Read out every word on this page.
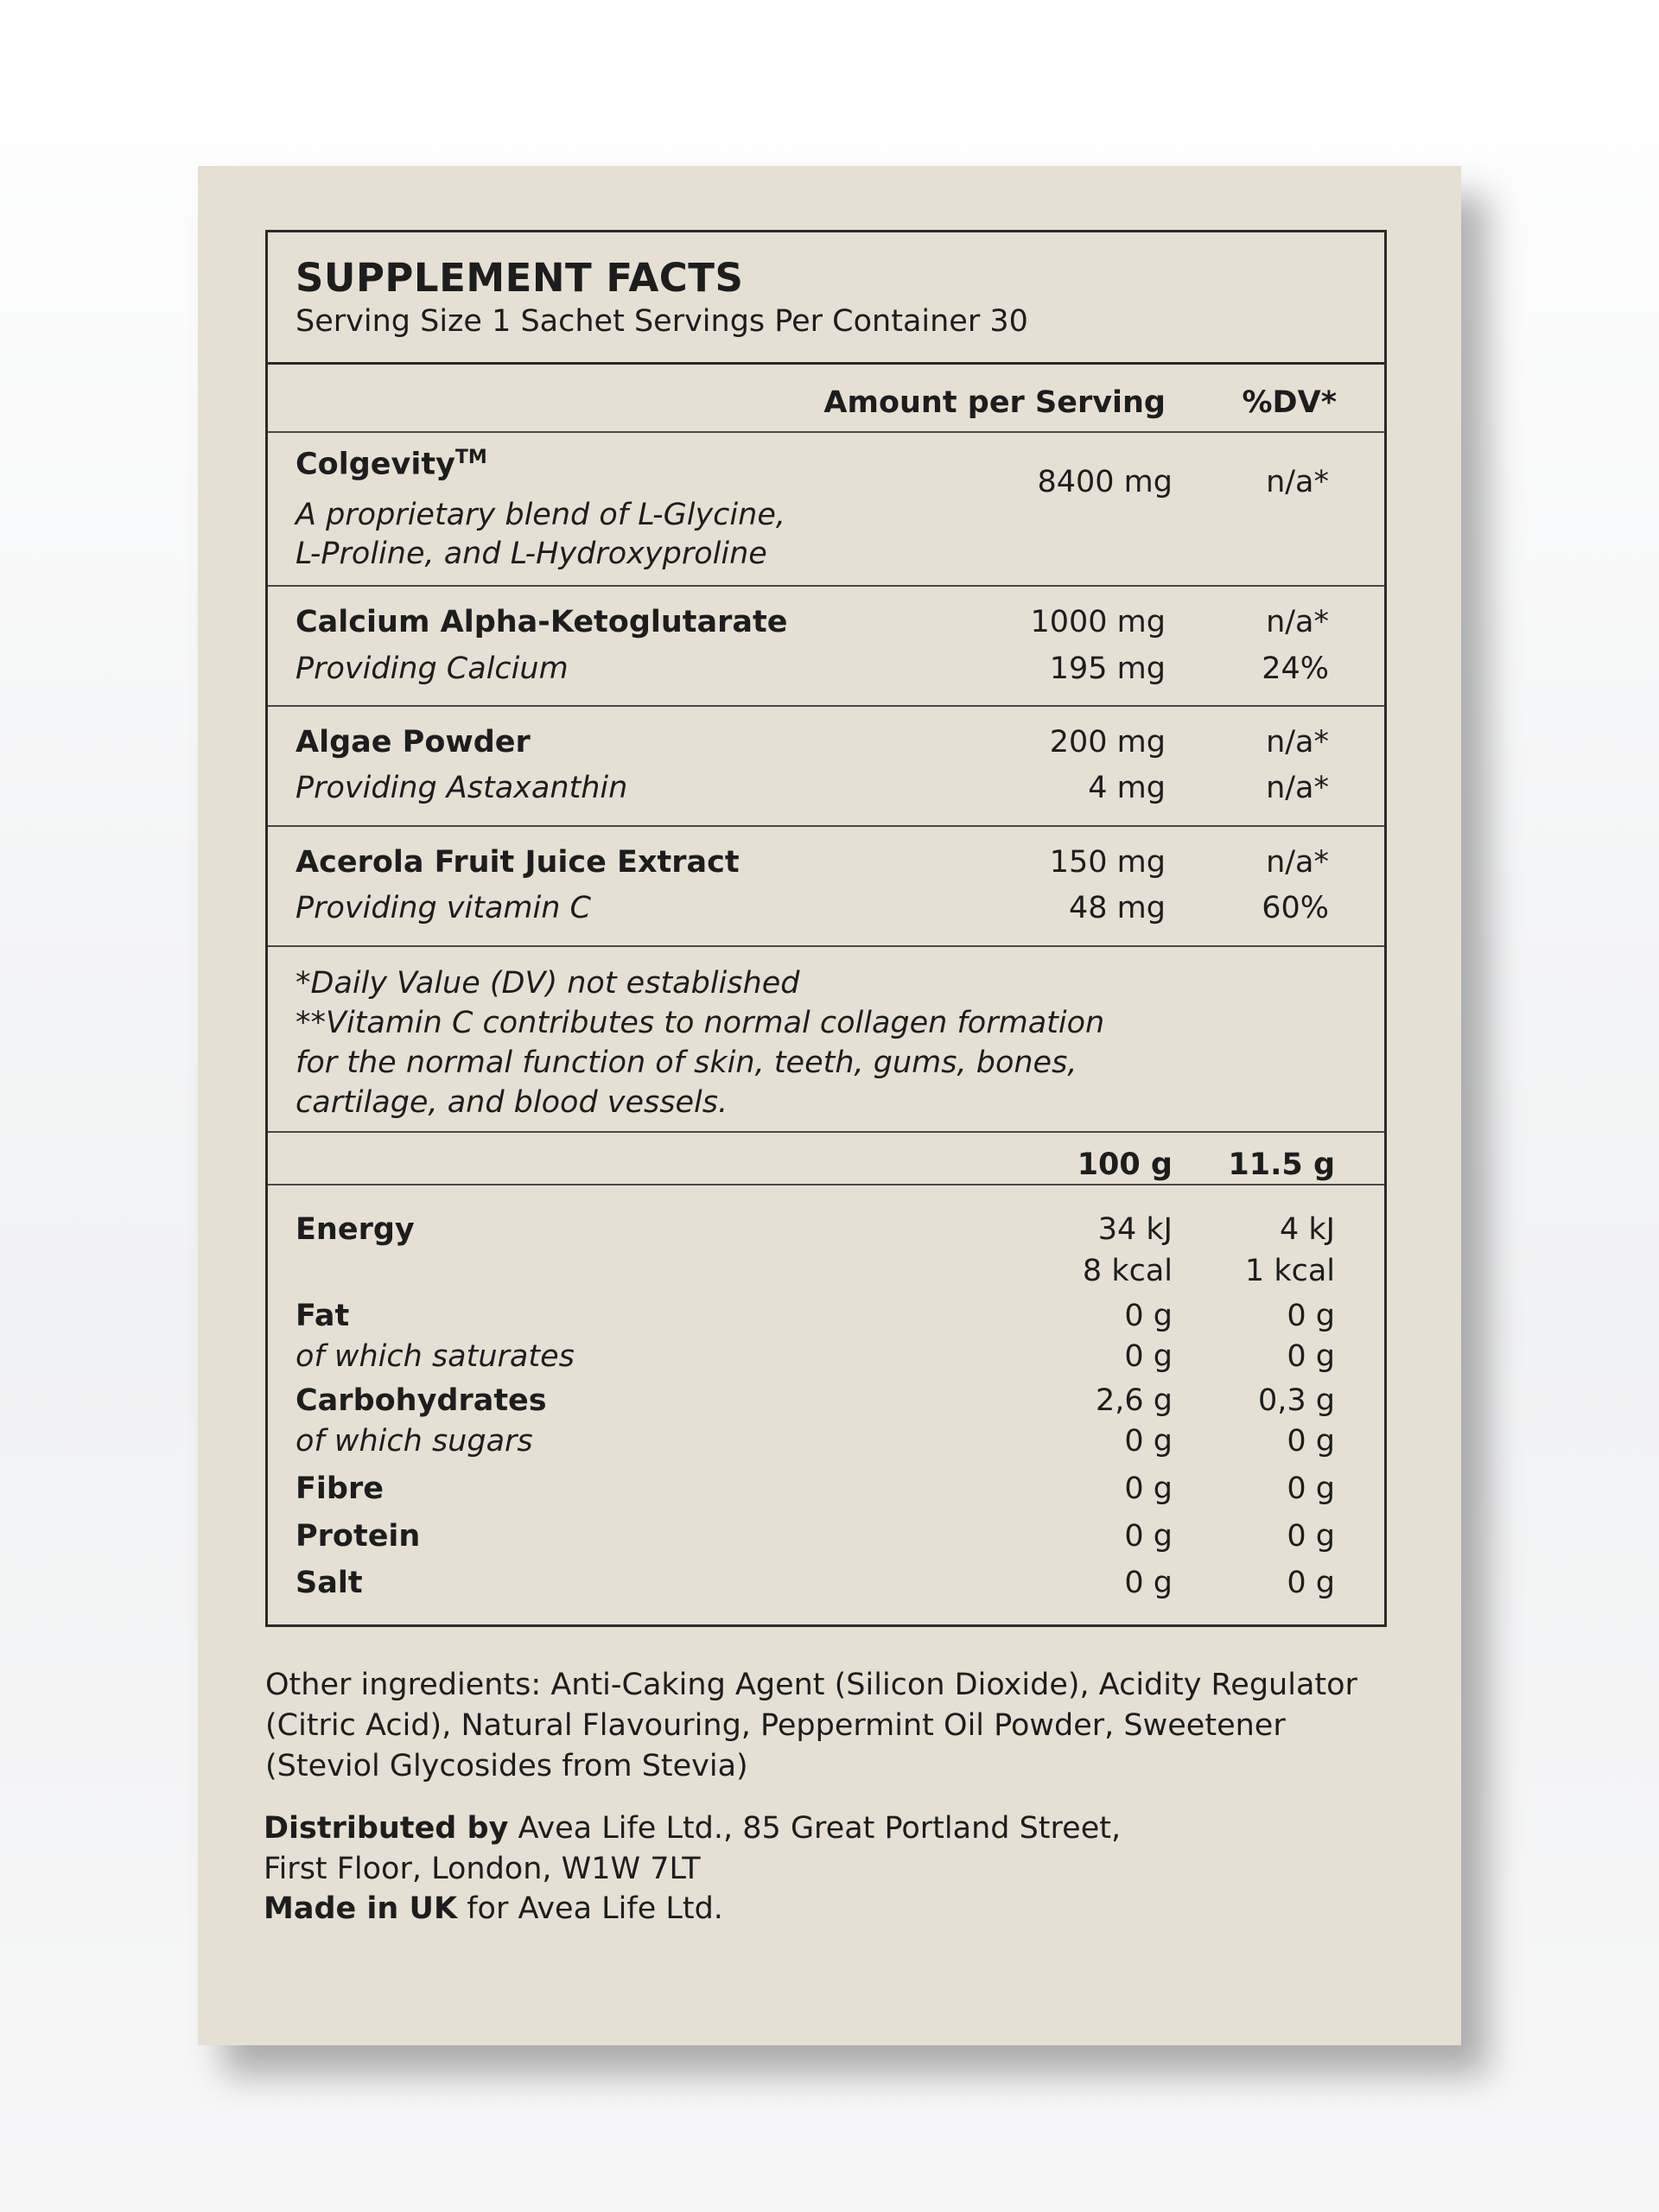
SUPPLEMENT FACTS
Serving Size 1 Sachet Servings Per Container 30
Amount per Serving	%DV*
Colgevity™
8400 mg	n/a*
A proprietary blend of L-Glycine,
L-Proline, and L-Hydroxyproline
Calcium Alpha-Ketoglutarate	1000 mg	n/a*
Providing Calcium	195 mg	24%
Algae Powder	200 mg	n/a*
Providing Astaxanthin	4 mg	n/a*
Acerola Fruit Juice Extract	150 mg	n/a*
Providing vitamin C	48 mg	60%
*Daily Value (DV) not established
**Vitamin C contributes to normal collagen formation
for the normal function of skin, teeth, gums, bones,
cartilage, and blood vessels.
100 g 11.5 g
Energy	34 kJ	4 kJ
8 kcal 1 kcal
Fat	0 g	0 g
of which saturates	0 g	0 g
Carbohydrates	2,6 g	0,3 g
of which sugars	0 g	0 g
Fibre	0 g	0 g
Protein	0 g	0 g
Salt	0 g	0 g
Other ingredients: Anti-Caking Agent (Silicon Dioxide), Acidity Regulator
(Citric Acid), Natural Flavouring, Peppermint Oil Powder, Sweetener
(Steviol Glycosides from Stevia)
Distributed by Avea Life Ltd., 85 Great Portland Street,
First Floor, London, W1W 7LT
Made in UK for Avea Life Ltd.
